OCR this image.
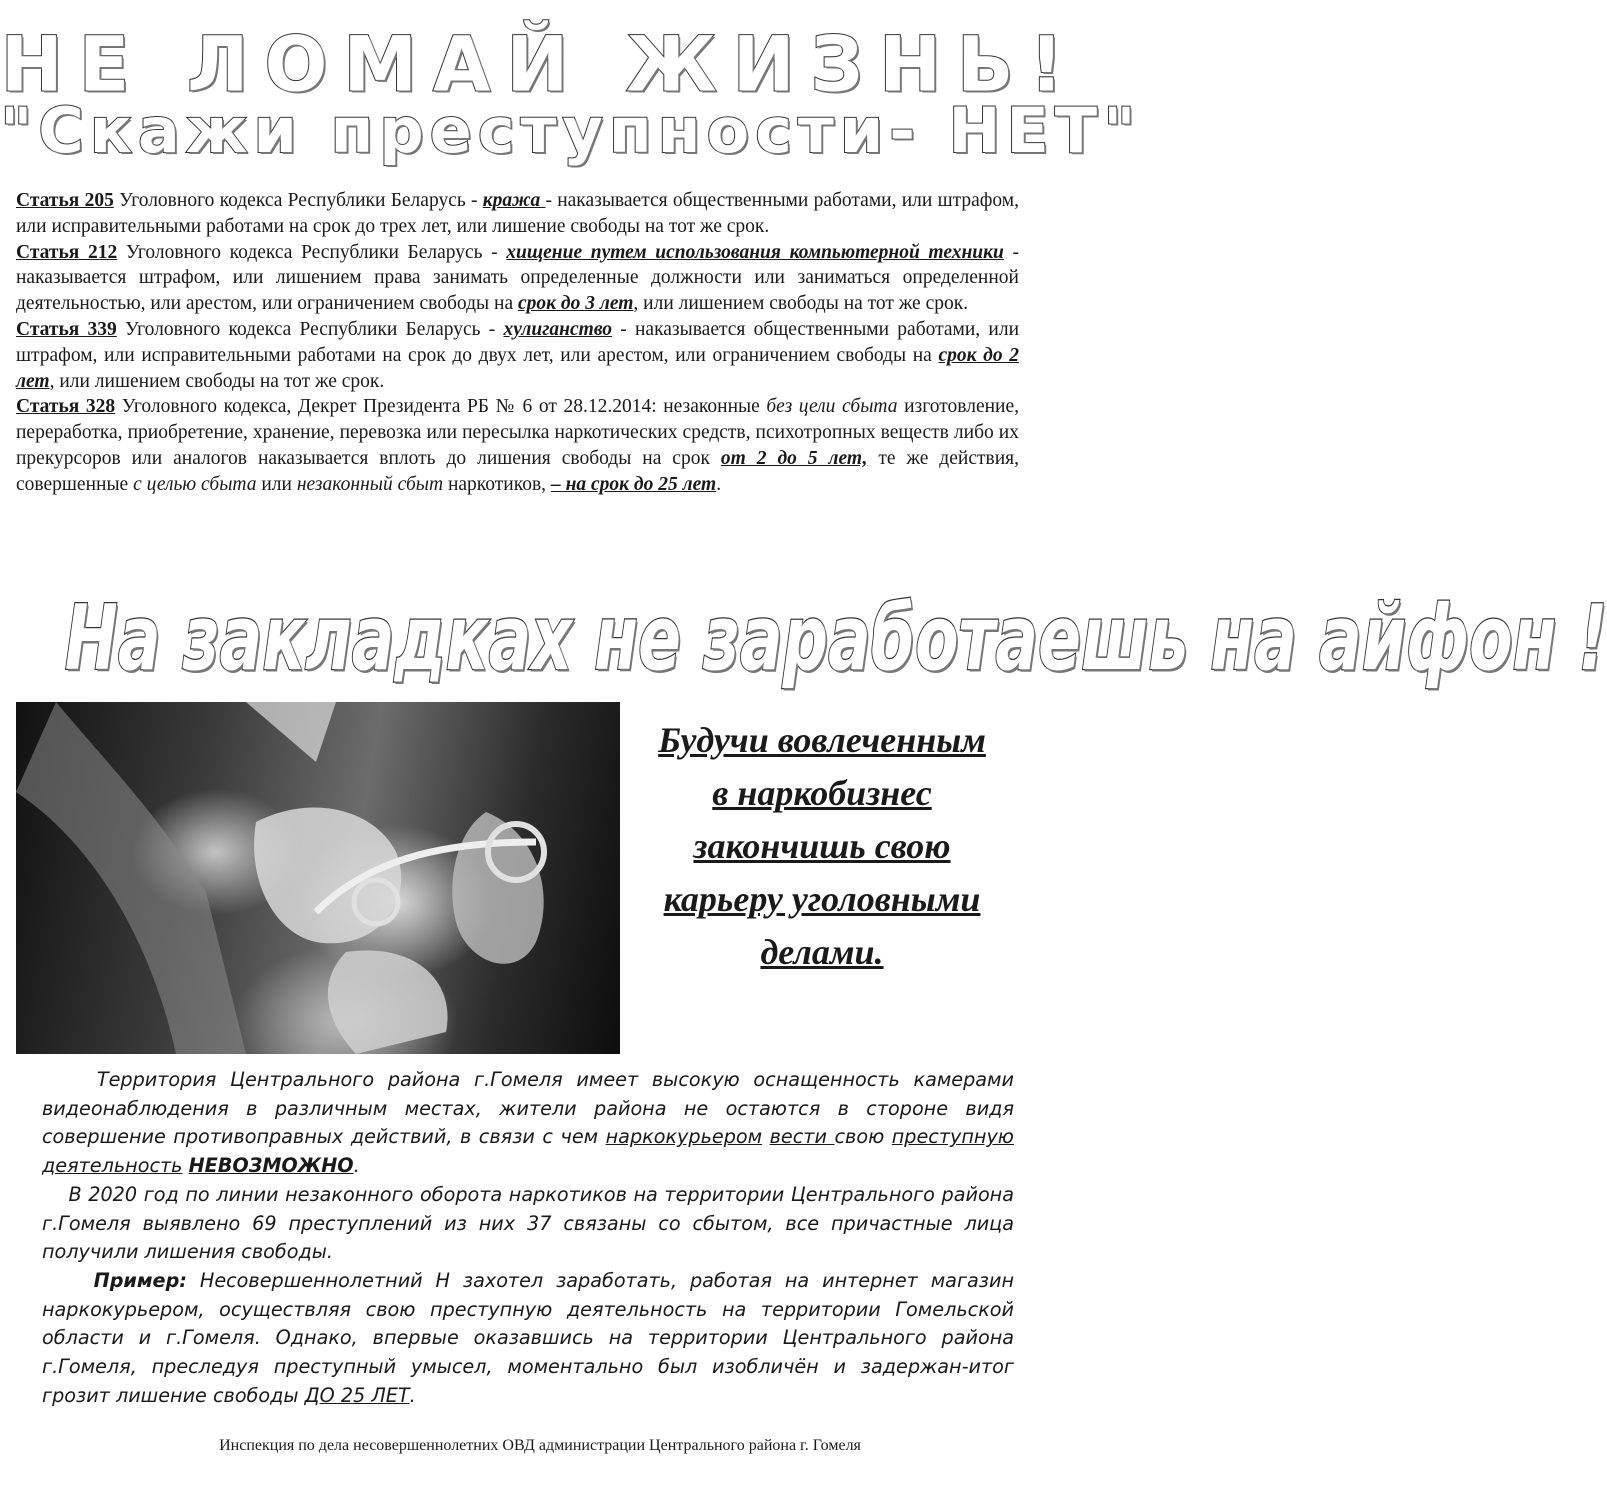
НЕ ЛОМАЙ ЖИЗНЬ!
"Скажи преступности- НЕТ"

Статья 205 Уголовного кодекса Республики Беларусь - кража - наказывается общественными работами, или штрафом, или исправительными работами на срок до трех лет, или лишение свободы на тот же срок.

Статья 212 Уголовного кодекса Республики Беларусь - хищение путем использования компьютерной техники - наказывается штрафом, или лишением права занимать определенные должности или заниматься определенной деятельностью, или арестом, или ограничением свободы на срок до 3 лет, или лишением свободы на тот же срок.

Статья 339 Уголовного кодекса Республики Беларусь - хулиганство - наказывается общественными работами, или штрафом, или исправительными работами на срок до двух лет, или арестом, или ограничением свободы на срок до 2 лет, или лишением свободы на тот же срок.

Статья 328 Уголовного кодекса, Декрет Президента РБ № 6 от 28.12.2014: незаконные без цели сбыта изготовление, переработка, приобретение, хранение, перевозка или пересылка наркотических средств, психотропных веществ либо их прекурсоров или аналогов наказывается вплоть до лишения свободы на срок от 2 до 5 лет, те же действия, совершенные с целью сбыта или незаконный сбыт наркотиков, – на срок до 25 лет.

На закладках не заработаешь на айфон !
Будучи вовлеченным
в наркобизнес
закончишь свою
карьеру уголовными
делами.

Территория Центрального района г.Гомеля имеет высокую оснащенность камерами видеонаблюдения в различным местах, жители района не остаются в стороне видя совершение противоправных действий, в связи с чем наркокурьером вести свою преступную деятельность НЕВОЗМОЖНО.

В 2020 год по линии незаконного оборота наркотиков на территории Центрального района г.Гомеля выявлено 69 преступлений из них 37 связаны со сбытом, все причастные лица получили лишения свободы.

Пример: Несовершеннолетний Н захотел заработать, работая на интернет магазин наркокурьером, осуществляя свою преступную деятельность на территории Гомельской области и г.Гомеля. Однако, впервые оказавшись на территории Центрального района г.Гомеля, преследуя преступный умысел, моментально был изобличён и задержан-итог грозит лишение свободы ДО 25 ЛЕТ.

Инспекция по дела несовершеннолетних ОВД администрации Центрального района г. Гомеля
